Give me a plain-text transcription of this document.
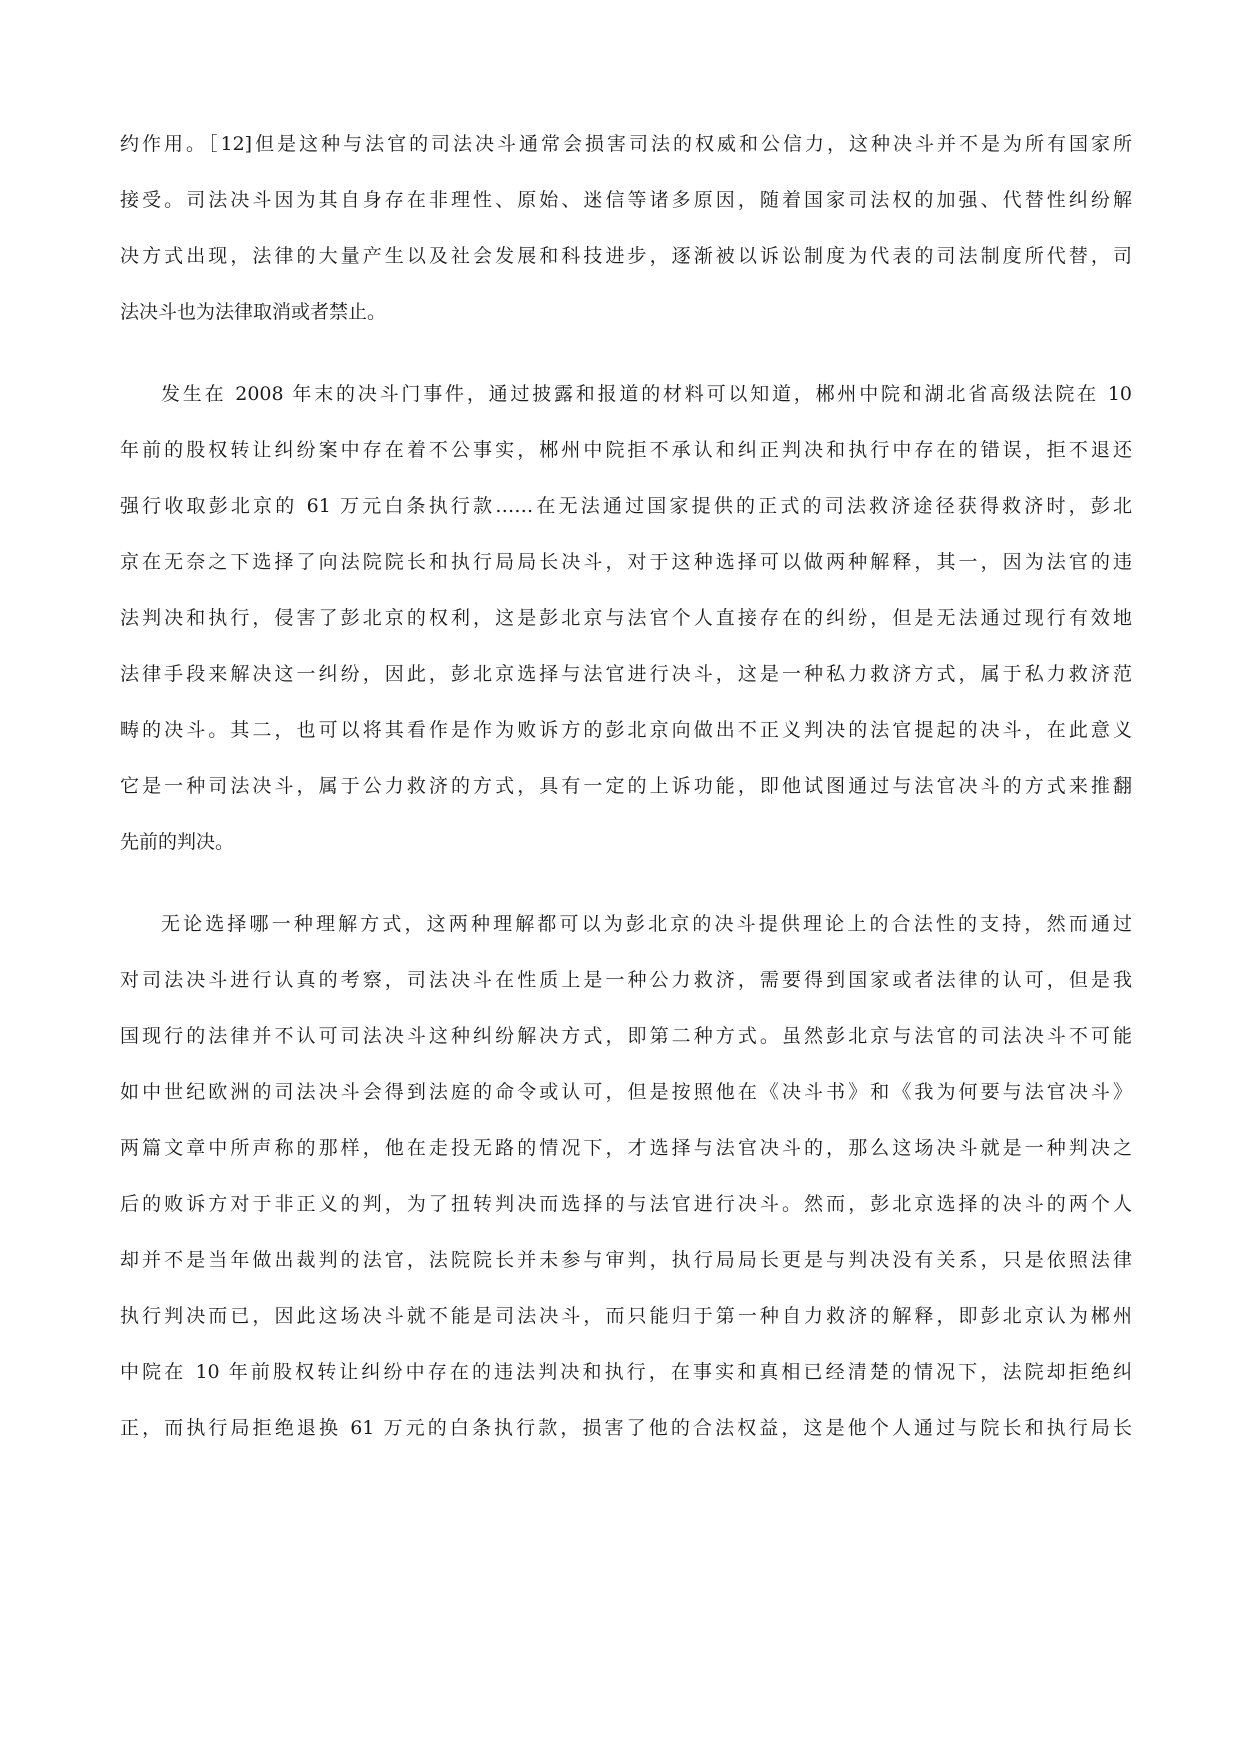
约作用。［12]但是这种与法官的司法决斗通常会损害司法的权威和公信力，这种决斗并不是为所有国家所
接受。司法决斗因为其自身存在非理性、原始、迷信等诸多原因，随着国家司法权的加强、代替性纠纷解
决方式出现，法律的大量产生以及社会发展和科技进步，逐渐被以诉讼制度为代表的司法制度所代替，司
法决斗也为法律取消或者禁止。
发生在 2008 年末的决斗门事件，通过披露和报道的材料可以知道，郴州中院和湖北省高级法院在 10
年前的股权转让纠纷案中存在着不公事实，郴州中院拒不承认和纠正判决和执行中存在的错误，拒不退还
强行收取彭北京的 61 万元白条执行款……在无法通过国家提供的正式的司法救济途径获得救济时，彭北
京在无奈之下选择了向法院院长和执行局局长决斗，对于这种选择可以做两种解释，其一，因为法官的违
法判决和执行，侵害了彭北京的权利，这是彭北京与法官个人直接存在的纠纷，但是无法通过现行有效地
法律手段来解决这一纠纷，因此，彭北京选择与法官进行决斗，这是一种私力救济方式，属于私力救济范
畴的决斗。其二，也可以将其看作是作为败诉方的彭北京向做出不正义判决的法官提起的决斗，在此意义
它是一种司法决斗，属于公力救济的方式，具有一定的上诉功能，即他试图通过与法官决斗的方式来推翻
先前的判决。
无论选择哪一种理解方式，这两种理解都可以为彭北京的决斗提供理论上的合法性的支持，然而通过
对司法决斗进行认真的考察，司法决斗在性质上是一种公力救济，需要得到国家或者法律的认可，但是我
国现行的法律并不认可司法决斗这种纠纷解决方式，即第二种方式。虽然彭北京与法官的司法决斗不可能
如中世纪欧洲的司法决斗会得到法庭的命令或认可，但是按照他在《决斗书》和《我为何要与法官决斗》
两篇文章中所声称的那样，他在走投无路的情况下，才选择与法官决斗的，那么这场决斗就是一种判决之
后的败诉方对于非正义的判，为了扭转判决而选择的与法官进行决斗。然而，彭北京选择的决斗的两个人
却并不是当年做出裁判的法官，法院院长并未参与审判，执行局局长更是与判决没有关系，只是依照法律
执行判决而已，因此这场决斗就不能是司法决斗，而只能归于第一种自力救济的解释，即彭北京认为郴州
中院在 10 年前股权转让纠纷中存在的违法判决和执行，在事实和真相已经清楚的情况下，法院却拒绝纠
正，而执行局拒绝退换 61 万元的白条执行款，损害了他的合法权益，这是他个人通过与院长和执行局长
